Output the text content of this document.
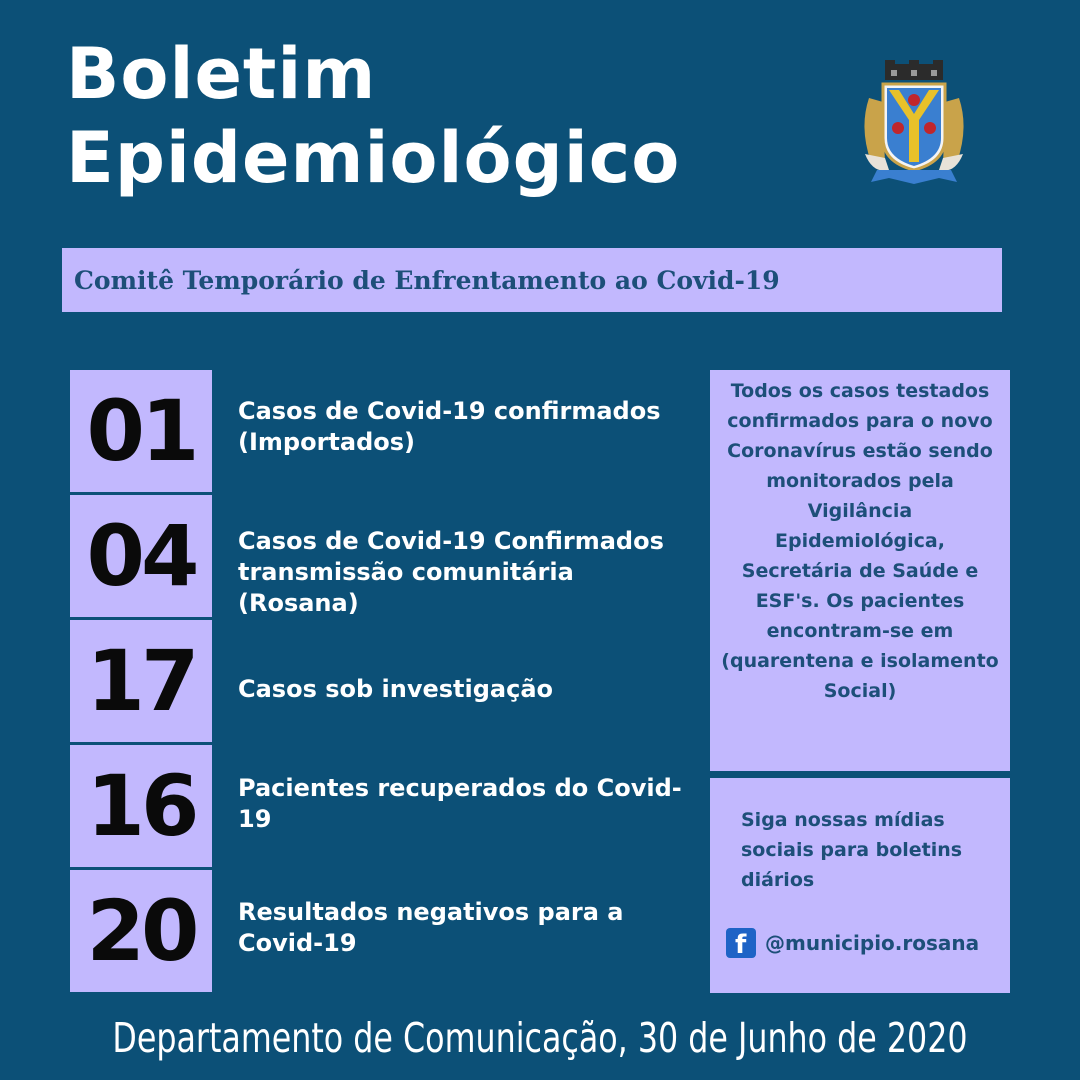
Boletim
Epidemiológico
Comitê Temporário de Enfrentamento ao Covid-19
01 Casos de Covid-19 confirmados (Importados)
04 Casos de Covid-19 Confirmados transmissão comunitária (Rosana)
17 Casos sob investigação
16 Pacientes recuperados do Covid-19
20 Resultados negativos para a Covid-19
Todos os casos testados confirmados para o novo Coronavírus estão sendo monitorados pela Vigilância Epidemiológica, Secretária de Saúde e ESF's. Os pacientes encontram-se em (quarentena e isolamento Social)
Siga nossas mídias sociais para boletins diários
f @municipio.rosana
Departamento de Comunicação, 30 de Junho de 2020
